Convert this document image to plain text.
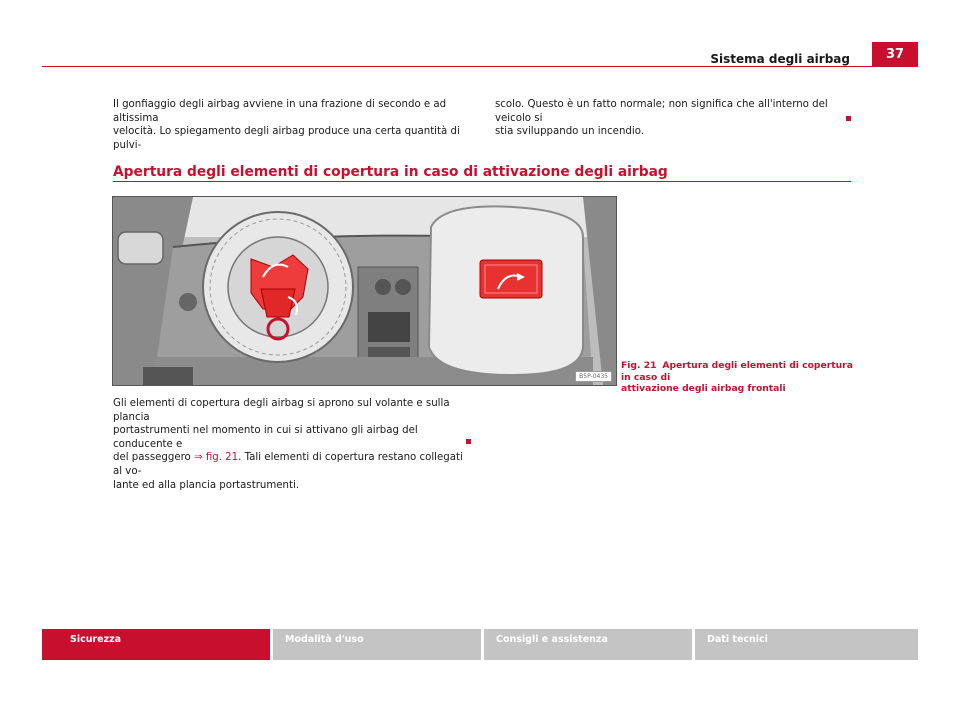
Sistema degli airbag	37
Il gonfiaggio degli airbag avviene in una frazione di secondo e ad altissima
velocità. Lo spiegamento degli airbag produce una certa quantità di pulvi-
scolo. Questo è un fatto normale; non significa che all'interno del veicolo si
stia sviluppando un incendio.
Apertura degli elementi di copertura in caso di attivazione degli airbag
B5P-0435
Fig. 21 Apertura degli elementi di copertura in caso di
attivazione degli airbag frontali
Gli elementi di copertura degli airbag si aprono sul volante e sulla plancia
portastrumenti nel momento in cui si attivano gli airbag del conducente e
del passeggero ⇒ fig. 21. Tali elementi di copertura restano collegati al vo-
lante ed alla plancia portastrumenti.
Sicurezza	Modalità d'uso	Consigli e assistenza	Dati tecnici
